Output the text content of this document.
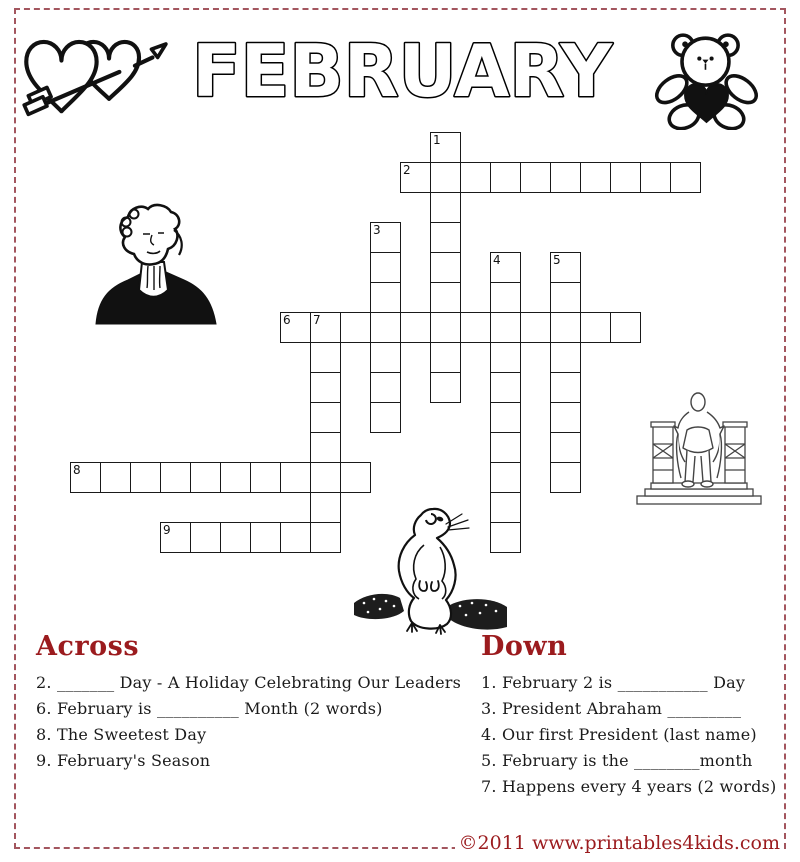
FEBRUARY
1
2
3
4	5
6 7
8
9
Across
2. _______ Day - A Holiday Celebrating Our Leaders
6. February is __________ Month (2 words)
8. The Sweetest Day
9. February's Season
Down
1. February 2 is ___________ Day
3. President Abraham _________
4. Our first President (last name)
5. February is the ________month
7. Happens every 4 years (2 words)
©2011 www.printables4kids.com
